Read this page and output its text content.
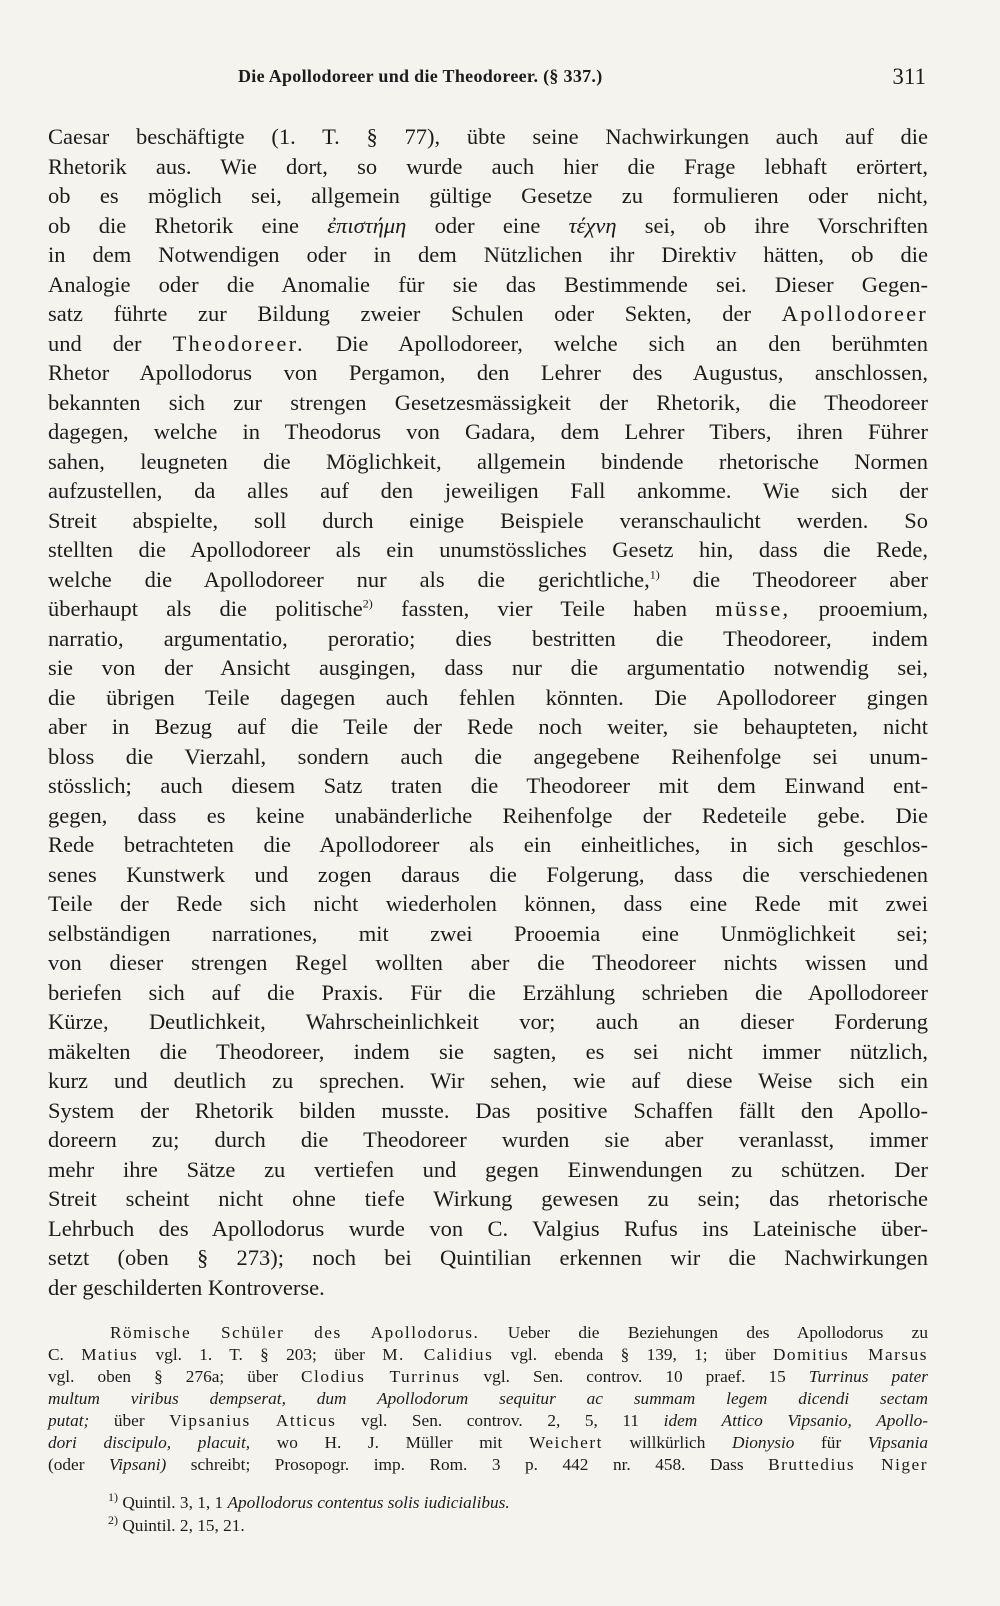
Die Apollodoreer und die Theodoreer. (§ 337.)	311
Caesar beschäftigte (1. T. § 77), übte seine Nachwirkungen auch auf die
Rhetorik aus. Wie dort, so wurde auch hier die Frage lebhaft erörtert,
ob es möglich sei, allgemein gültige Gesetze zu formulieren oder nicht,
ob die Rhetorik eine ἐπιστήμη oder eine τέχνη sei, ob ihre Vorschriften
in dem Notwendigen oder in dem Nützlichen ihr Direktiv hätten, ob die
Analogie oder die Anomalie für sie das Bestimmende sei. Dieser Gegen-
satz führte zur Bildung zweier Schulen oder Sekten, der Apollodoreer
und der Theodoreer. Die Apollodoreer, welche sich an den berühmten
Rhetor Apollodorus von Pergamon, den Lehrer des Augustus, anschlossen,
bekannten sich zur strengen Gesetzesmässigkeit der Rhetorik, die Theodoreer
dagegen, welche in Theodorus von Gadara, dem Lehrer Tibers, ihren Führer
sahen, leugneten die Möglichkeit, allgemein bindende rhetorische Normen
aufzustellen, da alles auf den jeweiligen Fall ankomme. Wie sich der
Streit abspielte, soll durch einige Beispiele veranschaulicht werden. So
stellten die Apollodoreer als ein unumstössliches Gesetz hin, dass die Rede,
welche die Apollodoreer nur als die gerichtliche,$^{1)}$ die Theodoreer aber
überhaupt als die politische$^{2)}$ fassten, vier Teile haben müsse, prooemium,
narratio, argumentatio, peroratio; dies bestritten die Theodoreer, indem
sie von der Ansicht ausgingen, dass nur die argumentatio notwendig sei,
die übrigen Teile dagegen auch fehlen könnten. Die Apollodoreer gingen
aber in Bezug auf die Teile der Rede noch weiter, sie behaupteten, nicht
bloss die Vierzahl, sondern auch die angegebene Reihenfolge sei unum-
stösslich; auch diesem Satz traten die Theodoreer mit dem Einwand ent-
gegen, dass es keine unabänderliche Reihenfolge der Redeteile gebe. Die
Rede betrachteten die Apollodoreer als ein einheitliches, in sich geschlos-
senes Kunstwerk und zogen daraus die Folgerung, dass die verschiedenen
Teile der Rede sich nicht wiederholen können, dass eine Rede mit zwei
selbständigen narrationes, mit zwei Prooemia eine Unmöglichkeit sei;
von dieser strengen Regel wollten aber die Theodoreer nichts wissen und
beriefen sich auf die Praxis. Für die Erzählung schrieben die Apollodoreer
Kürze, Deutlichkeit, Wahrscheinlichkeit vor; auch an dieser Forderung
mäkelten die Theodoreer, indem sie sagten, es sei nicht immer nützlich,
kurz und deutlich zu sprechen. Wir sehen, wie auf diese Weise sich ein
System der Rhetorik bilden musste. Das positive Schaffen fällt den Apollo-
doreern zu; durch die Theodoreer wurden sie aber veranlasst, immer
mehr ihre Sätze zu vertiefen und gegen Einwendungen zu schützen. Der
Streit scheint nicht ohne tiefe Wirkung gewesen zu sein; das rhetorische
Lehrbuch des Apollodorus wurde von C. Valgius Rufus ins Lateinische über-
setzt (oben § 273); noch bei Quintilian erkennen wir die Nachwirkungen
der geschilderten Kontroverse.
Römische Schüler des Apollodorus. Ueber die Beziehungen des Apollodorus zu
C. Matius vgl. 1. T. § 203; über M. Calidius vgl. ebenda § 139, 1; über Domitius Marsus
vgl. oben § 276a; über Clodius Turrinus vgl. Sen. controv. 10 praef. 15 Turrinus pater
multum viribus dempserat, dum Apollodorum sequitur ac summam legem dicendi sectam
putat; über Vipsanius Atticus vgl. Sen. controv. 2, 5, 11 idem Attico Vipsanio, Apollo-
dori discipulo, placuit, wo H. J. Müller mit Weichert willkürlich Dionysio für Vipsania
(oder Vipsani) schreibt; Prosopogr. imp. Rom. 3 p. 442 nr. 458. Dass Bruttedius Niger
$^{1)}$ Quintil. 3, 1, 1 Apollodorus contentus solis iudicialibus.
$^{2)}$ Quintil. 2, 15, 21.
